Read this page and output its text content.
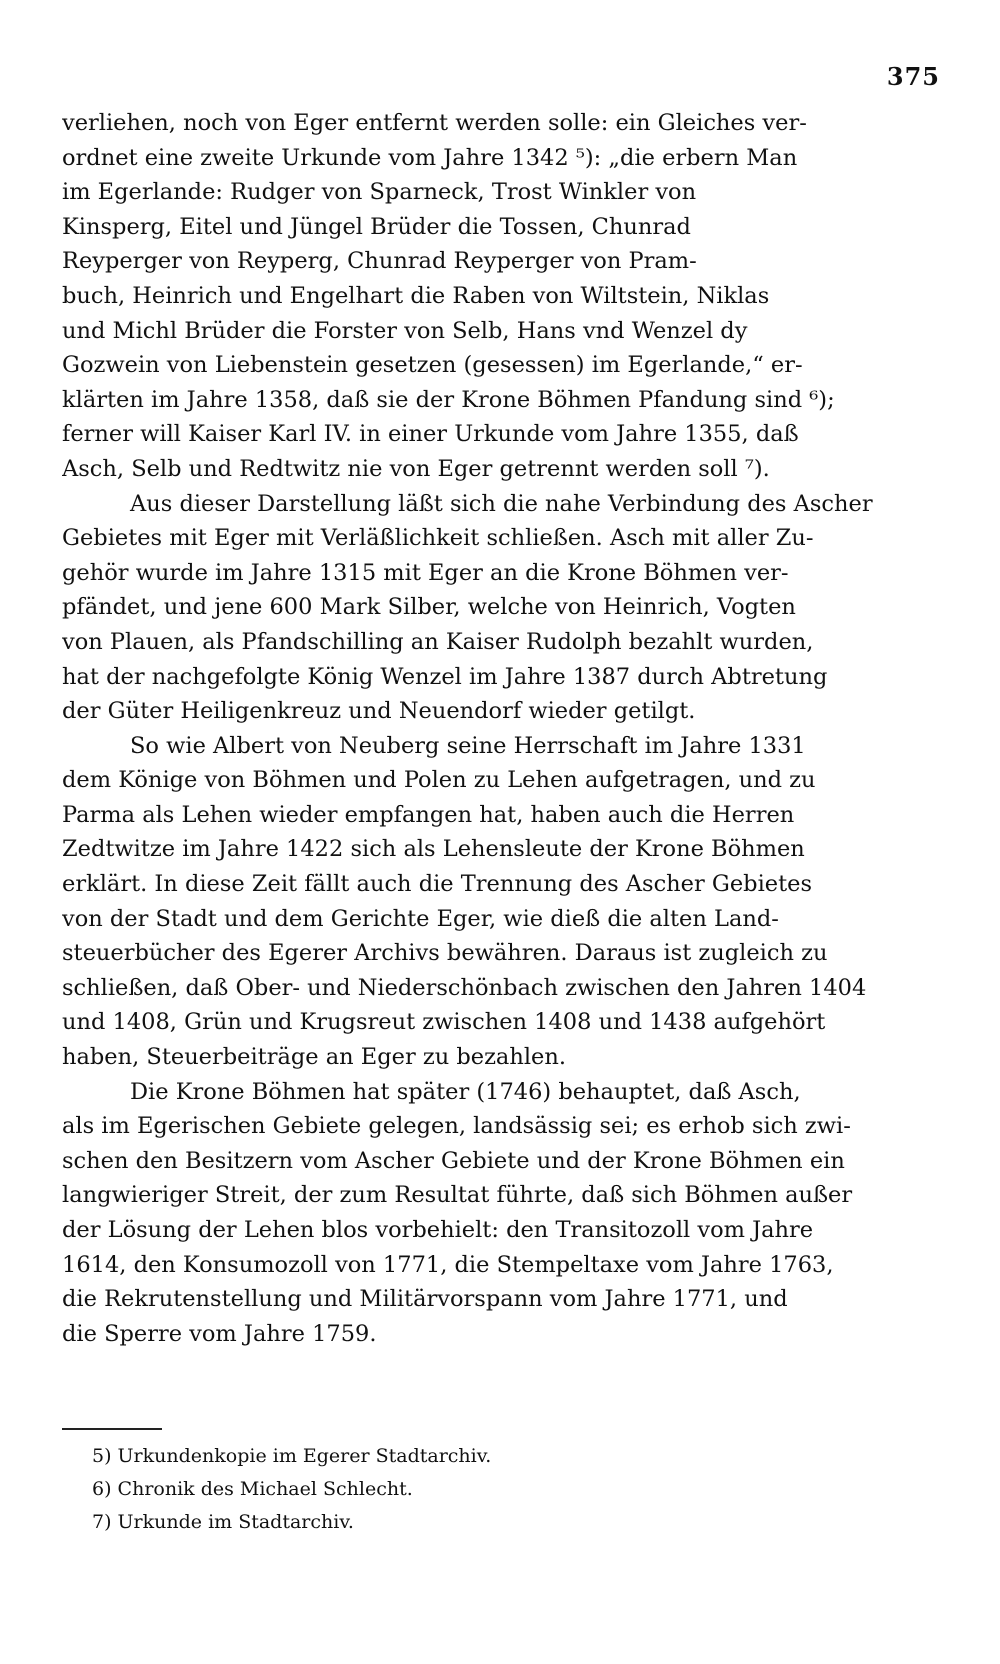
375
verliehen, noch von Eger entfernt werden solle: ein Gleiches ver-
ordnet eine zweite Urkunde vom Jahre 1342 ⁵): „die erbern Man
im Egerlande: Rudger von Sparneck, Trost Winkler von
Kinsperg, Eitel und Jüngel Brüder die Tossen, Chunrad
Reyperger von Reyperg, Chunrad Reyperger von Pram-
buch, Heinrich und Engelhart die Raben von Wiltstein, Niklas
und Michl Brüder die Forster von Selb, Hans vnd Wenzel dy
Gozwein von Liebenstein gesetzen (gesessen) im Egerlande,“ er-
klärten im Jahre 1358, daß sie der Krone Böhmen Pfandung sind ⁶);
ferner will Kaiser Karl IV. in einer Urkunde vom Jahre 1355, daß
Asch, Selb und Redtwitz nie von Eger getrennt werden soll ⁷).
Aus dieser Darstellung läßt sich die nahe Verbindung des Ascher
Gebietes mit Eger mit Verläßlichkeit schließen. Asch mit aller Zu-
gehör wurde im Jahre 1315 mit Eger an die Krone Böhmen ver-
pfändet, und jene 600 Mark Silber, welche von Heinrich, Vogten
von Plauen, als Pfandschilling an Kaiser Rudolph bezahlt wurden,
hat der nachgefolgte König Wenzel im Jahre 1387 durch Abtretung
der Güter Heiligenkreuz und Neuendorf wieder getilgt.
So wie Albert von Neuberg seine Herrschaft im Jahre 1331
dem Könige von Böhmen und Polen zu Lehen aufgetragen, und zu
Parma als Lehen wieder empfangen hat, haben auch die Herren
Zedtwitze im Jahre 1422 sich als Lehensleute der Krone Böhmen
erklärt. In diese Zeit fällt auch die Trennung des Ascher Gebietes
von der Stadt und dem Gerichte Eger, wie dieß die alten Land-
steuerbücher des Egerer Archivs bewähren. Daraus ist zugleich zu
schließen, daß Ober- und Niederschönbach zwischen den Jahren 1404
und 1408, Grün und Krugsreut zwischen 1408 und 1438 aufgehört
haben, Steuerbeiträge an Eger zu bezahlen.
Die Krone Böhmen hat später (1746) behauptet, daß Asch,
als im Egerischen Gebiete gelegen, landsässig sei; es erhob sich zwi-
schen den Besitzern vom Ascher Gebiete und der Krone Böhmen ein
langwieriger Streit, der zum Resultat führte, daß sich Böhmen außer
der Lösung der Lehen blos vorbehielt: den Transitozoll vom Jahre
1614, den Konsumozoll von 1771, die Stempeltaxe vom Jahre 1763,
die Rekrutenstellung und Militärvorspann vom Jahre 1771, und
die Sperre vom Jahre 1759.
5) Urkundenkopie im Egerer Stadtarchiv.
6) Chronik des Michael Schlecht.
7) Urkunde im Stadtarchiv.
